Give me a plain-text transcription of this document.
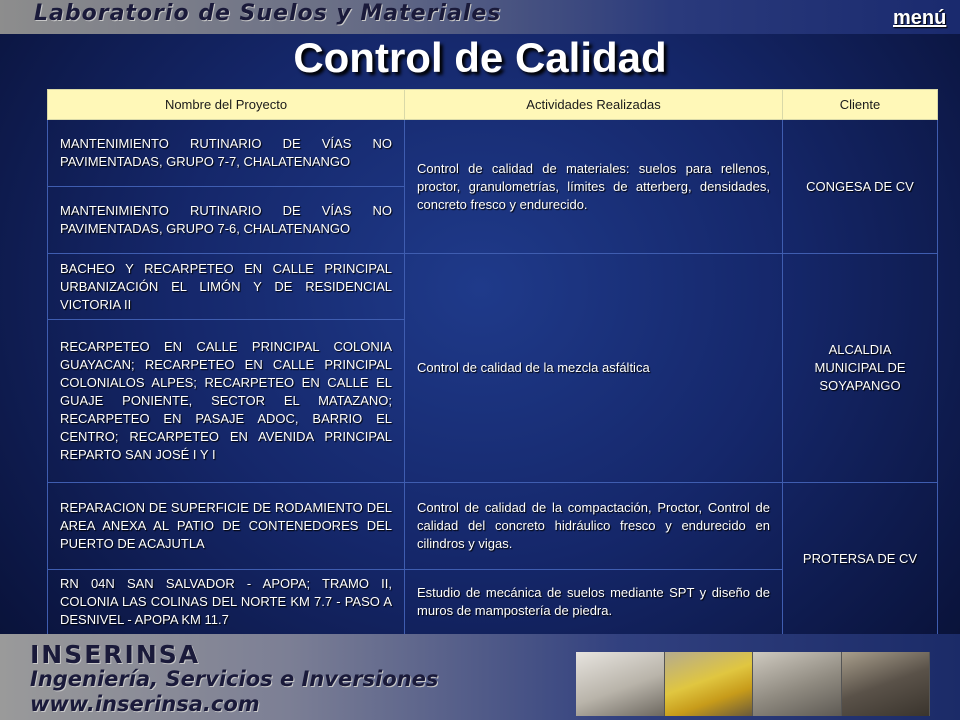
Laboratorio de Suelos y Materiales	menú
Control de Calidad
Nombre del Proyecto	Actividades Realizadas	Cliente
MANTENIMIENTO RUTINARIO DE VÍAS NO PAVIMENTADAS, GRUPO 7-7, CHALATENANGO	Control de calidad de materiales: suelos para rellenos, proctor, granulometrías, límites de atterberg, densidades, concreto fresco y endurecido.	CONGESA DE CV
MANTENIMIENTO RUTINARIO DE VÍAS NO PAVIMENTADAS, GRUPO 7-6, CHALATENANGO		
BACHEO Y RECARPETEO EN CALLE PRINCIPAL URBANIZACIÓN EL LIMÓN Y DE RESIDENCIAL VICTORIA II	Control de calidad de la mezcla asfáltica	ALCALDIA MUNICIPAL DE SOYAPANGO
RECARPETEO EN CALLE PRINCIPAL COLONIA GUAYACAN; RECARPETEO EN CALLE PRINCIPAL COLONIALOS ALPES; RECARPETEO EN CALLE EL GUAJE PONIENTE, SECTOR EL MATAZANO; RECARPETEO EN PASAJE ADOC, BARRIO EL CENTRO; RECARPETEO EN AVENIDA PRINCIPAL REPARTO SAN JOSÉ I Y I		
REPARACION DE SUPERFICIE DE RODAMIENTO DEL AREA ANEXA AL PATIO DE CONTENEDORES DEL PUERTO DE ACAJUTLA	Control de calidad de la compactación, Proctor, Control de calidad del concreto hidráulico fresco y endurecido en cilindros y vigas.	PROTERSA DE CV
RN 04N SAN SALVADOR - APOPA; TRAMO II, COLONIA LAS COLINAS DEL NORTE KM 7.7 - PASO A DESNIVEL - APOPA KM 11.7	Estudio de mecánica de suelos mediante SPT y diseño de muros de mampostería de piedra.	
INSERINSA
Ingeniería, Servicios e Inversiones
www.inserinsa.com
